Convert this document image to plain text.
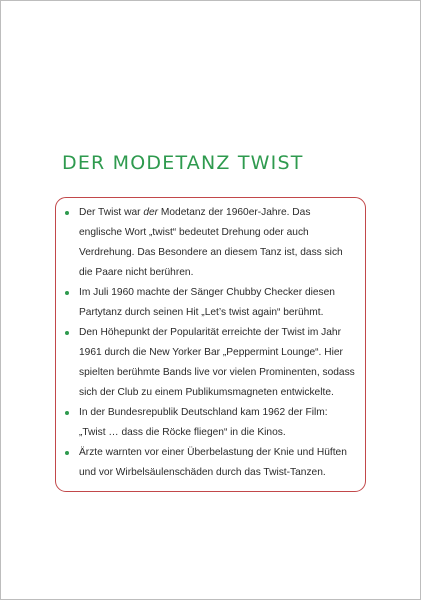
DER MODETANZ TWIST
Der Twist war der Modetanz der 1960er-Jahre. Das englische Wort „twist“ bedeutet Drehung oder auch Verdrehung. Das Besondere an diesem Tanz ist, dass sich die Paare nicht berühren.
Im Juli 1960 machte der Sänger Chubby Checker diesen Partytanz durch seinen Hit „Let’s twist again“ berühmt.
Den Höhepunkt der Popularität erreichte der Twist im Jahr 1961 durch die New Yorker Bar „Peppermint Lounge“. Hier spielten berühmte Bands live vor vielen Prominenten, sodass sich der Club zu einem Publikumsmagneten entwickelte.
In der Bundesrepublik Deutschland kam 1962 der Film: „Twist … dass die Röcke fliegen“ in die Kinos.
Ärzte warnten vor einer Überbelastung der Knie und Hüften und vor Wirbelsäulenschäden durch das Twist-Tanzen.
